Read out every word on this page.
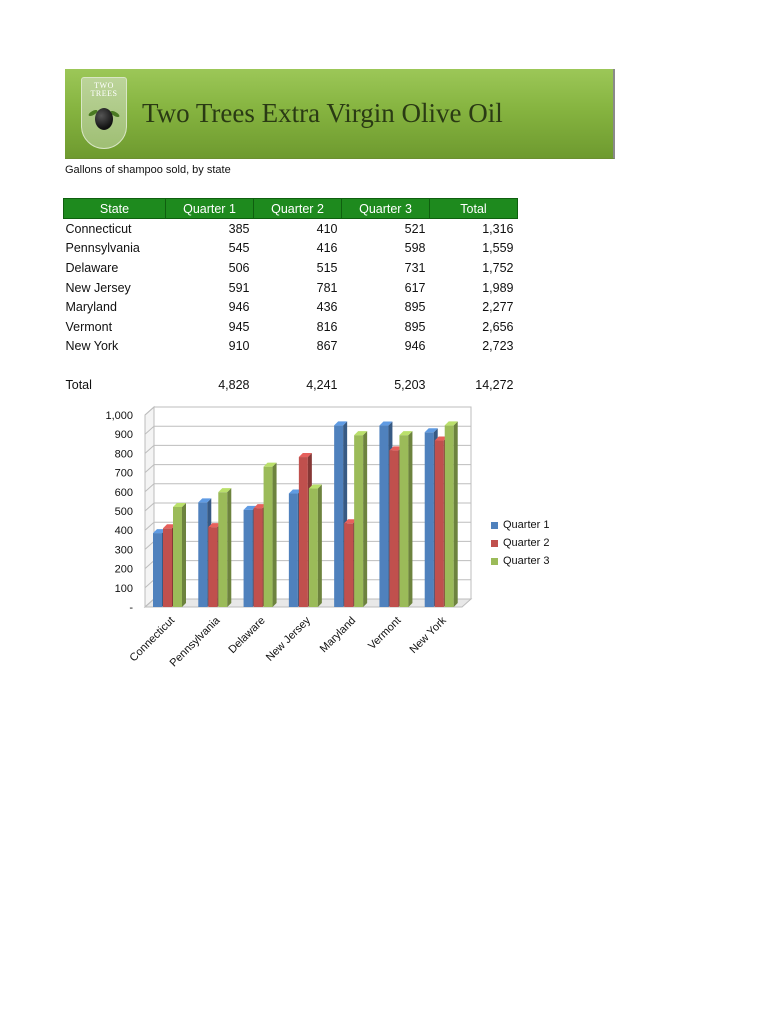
TWO
TREES
Two Trees Extra Virgin Olive Oil
Gallons of shampoo sold, by state
State	Quarter 1	Quarter 2	Quarter 3	Total
Connecticut	385	410	521	1,316
Pennsylvania	545	416	598	1,559
Delaware	506	515	731	1,752
New Jersey	591	781	617	1,989
Maryland	946	436	895	2,277
Vermont	945	816	895	2,656
New York	910	867	946	2,723

Total	4,828	4,241	5,203	14,272
-
100
200
300
400
500
600
700
800
900
1,000
Connecticut
Pennsylvania Delaware
New Jersey Maryland Vermont New York
Quarter 1
Quarter 2
Quarter 3
